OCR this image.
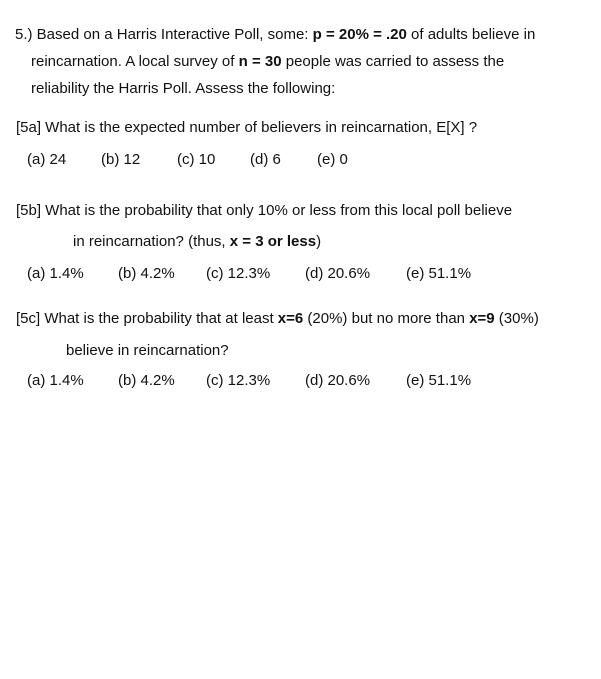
5.) Based on a Harris Interactive Poll, some: p = 20% = .20 of adults believe in
reincarnation. A local survey of n = 30 people was carried to assess the
reliability the Harris Poll. Assess the following:
[5a] What is the expected number of believers in reincarnation, E[X] ?
(a) 24 (b) 12 (c) 10 (d) 6 (e) 0
[5b] What is the probability that only 10% or less from this local poll believe
in reincarnation? (thus, x = 3 or less)
(a) 1.4% (b) 4.2% (c) 12.3% (d) 20.6% (e) 51.1%
[5c] What is the probability that at least x=6 (20%) but no more than x=9 (30%)
believe in reincarnation?
(a) 1.4% (b) 4.2% (c) 12.3% (d) 20.6% (e) 51.1%
